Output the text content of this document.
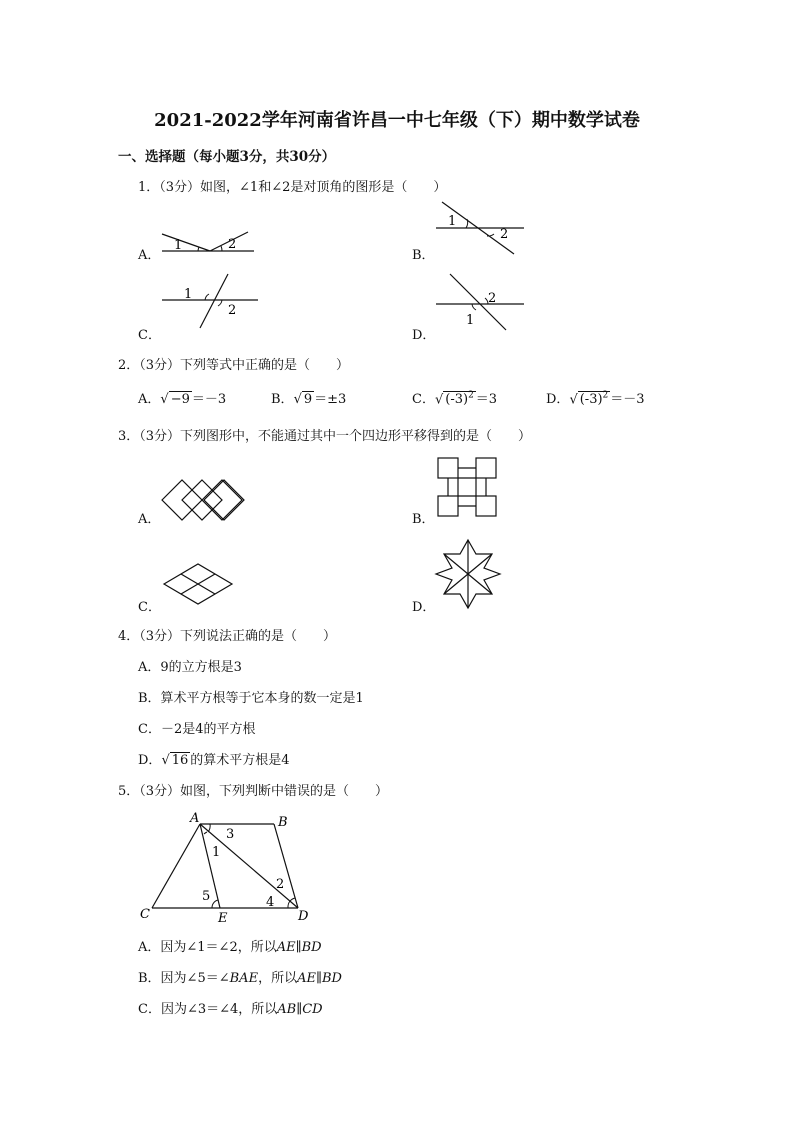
2021-2022学年河南省许昌一中七年级（下）期中数学试卷
一、选择题（每小题3分，共30分）
1．（3分）如图，∠1和∠2是对顶角的图形是（　　）
A．
1	2
B．
1
2
C．
1
2
D．
2
1
2．（3分）下列等式中正确的是（　　）
A．√ −9 ＝－3	B．√ 9 ＝±3	C．√ $(-3)^2 =3$	D．√ $(-3)^2 =-3$
3．（3分）下列图形中，不能通过其中一个四边形平移得到的是（　　）
A．	B．
C．	D．
4．（3分）下列说法正确的是（　　）
A．9的立方根是3
B．算术平方根等于它本身的数一定是1
C．－2是4的平方根
D．√ 16 的算术平方根是4
5．（3分）如图，下列判断中错误的是（　　）
A	B
C	D
E
1
2
3
4
5
A．因为∠1＝∠2，所以AE∥BD
B．因为∠5＝∠BAE，所以AE∥BD
C．因为∠3＝∠4，所以AB∥CD
